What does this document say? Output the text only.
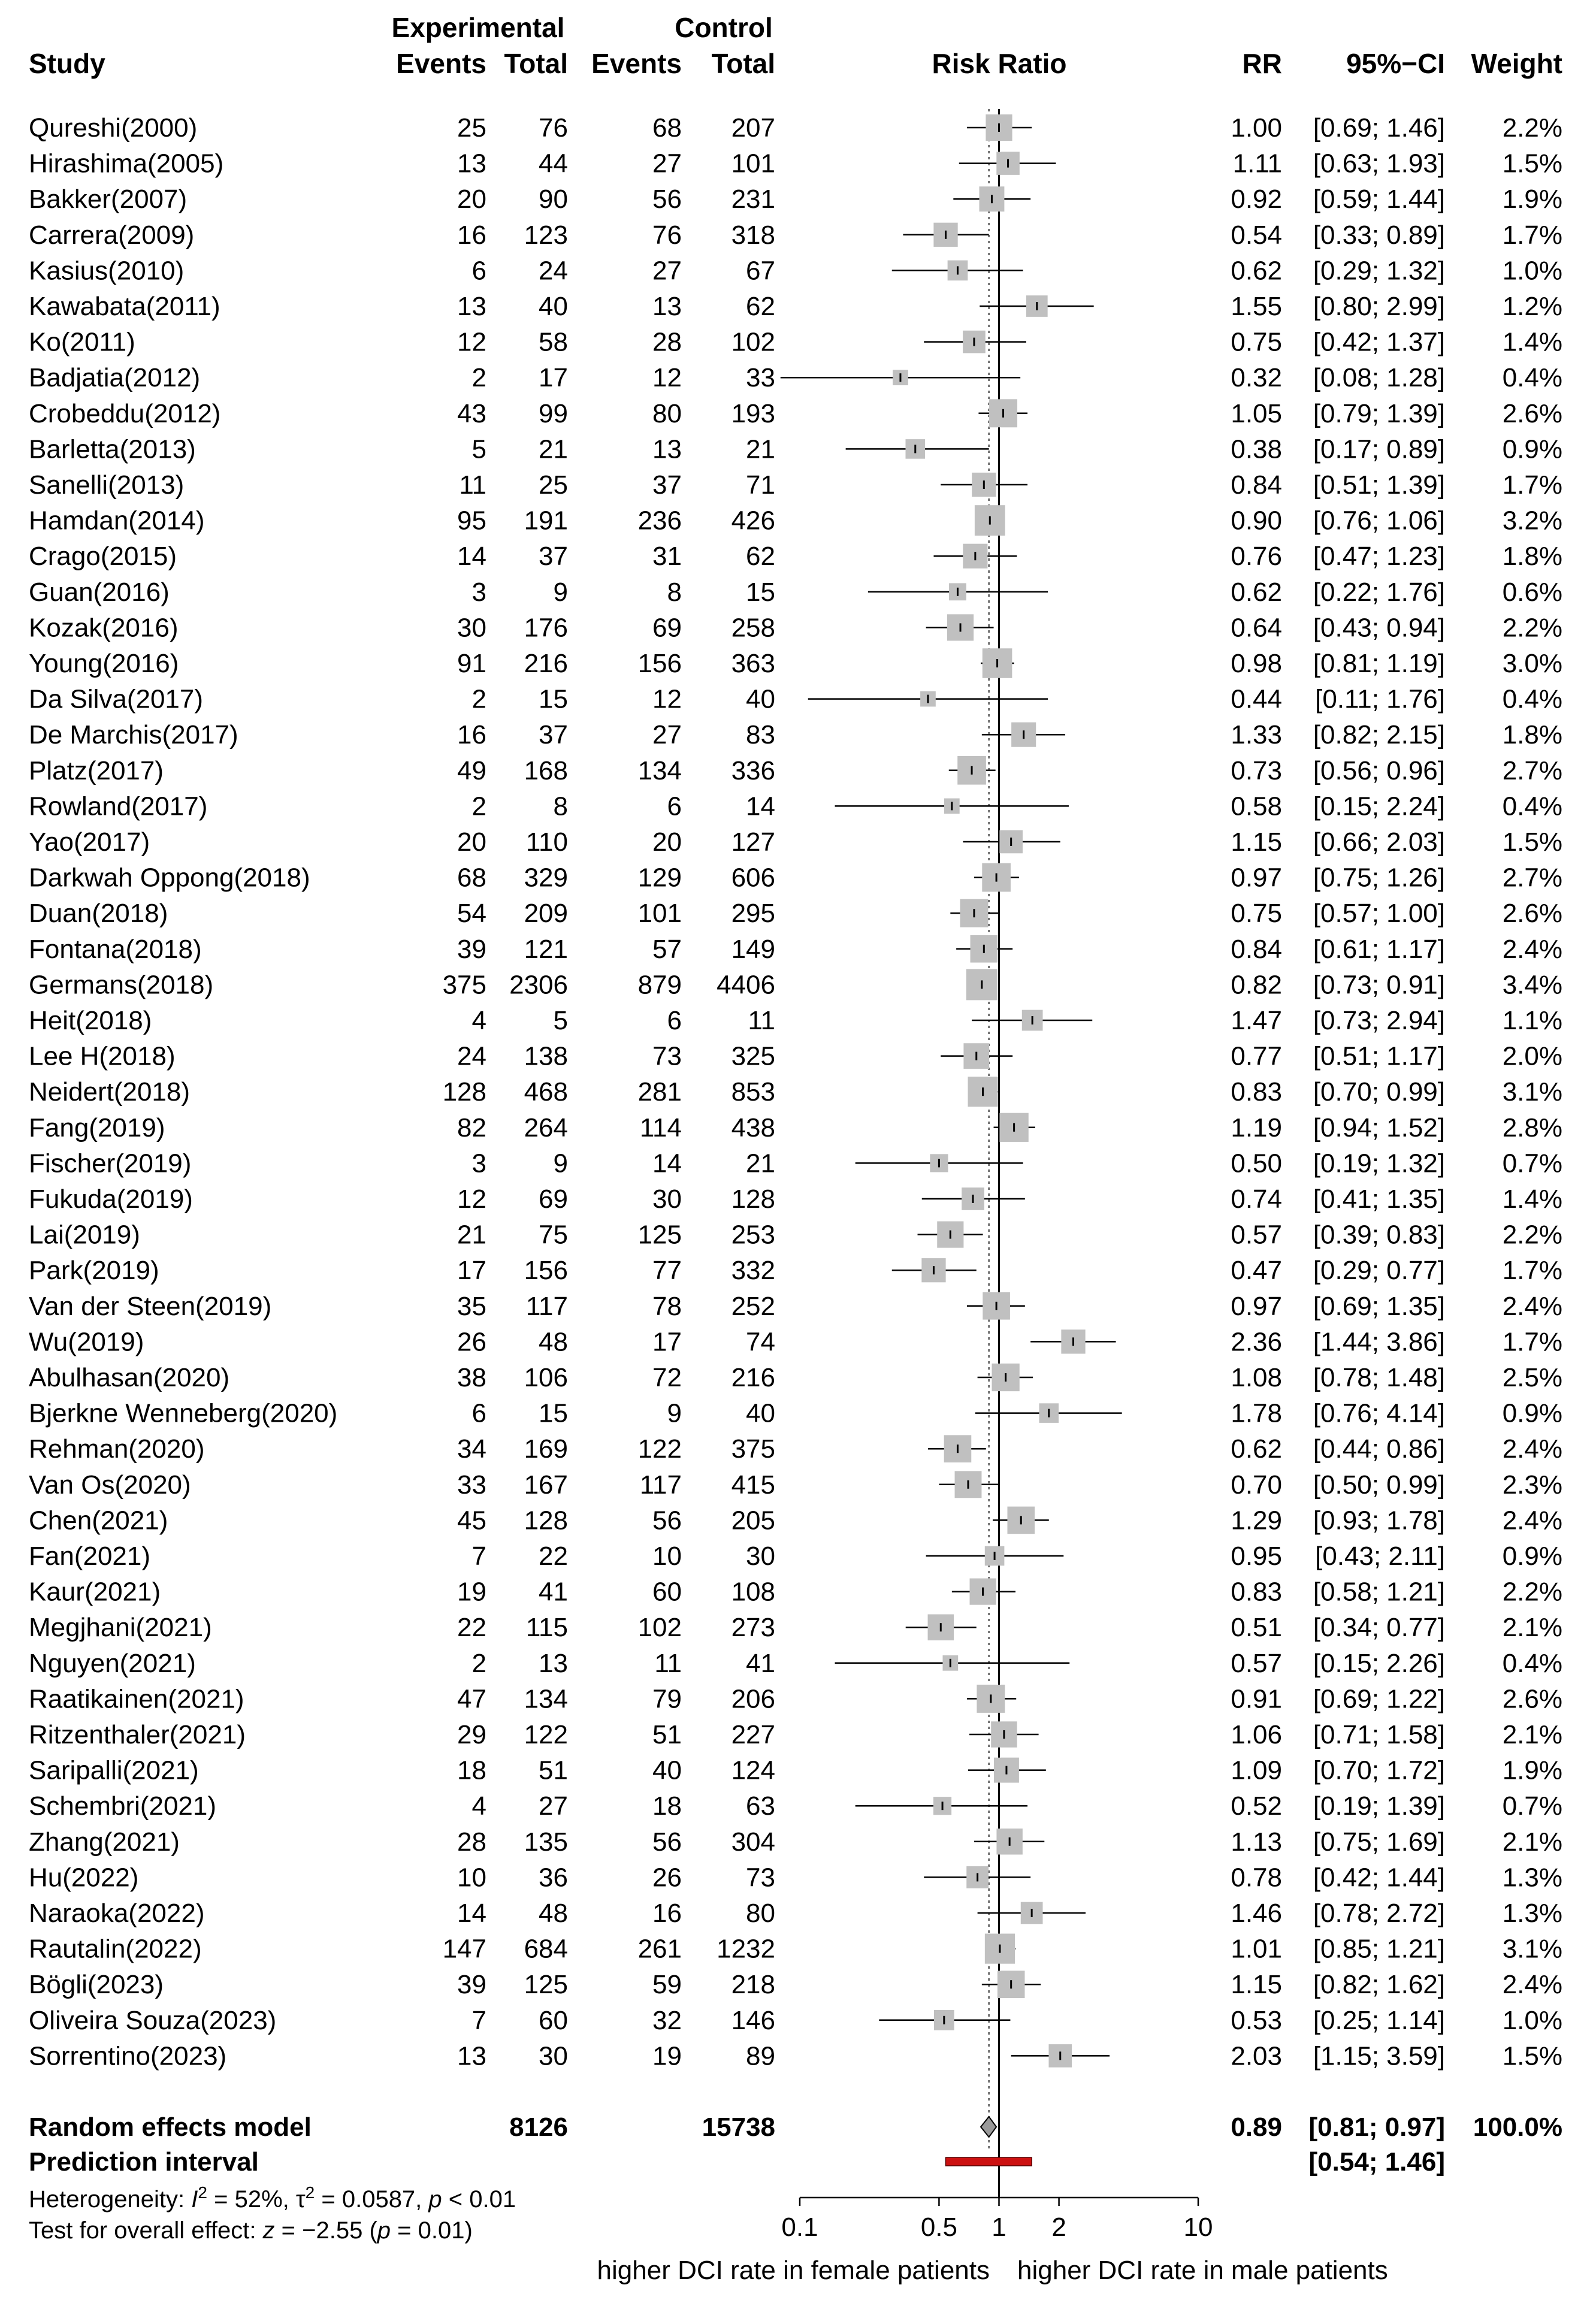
Experimental	Control
Study	Events Total Events Total	Risk Ratio	RR 95%−CI Weight
Qureshi(2000)	25 76	68 207	1.00 [0.69; 1.46] 2.2%
Hirashima(2005)	13 44	27 101	1.11 [0.63; 1.93] 1.5%
Bakker(2007)	20 90	56 231	0.92 [0.59; 1.44] 1.9%
Carrera(2009)	16 123	76 318	0.54 [0.33; 0.89] 1.7%
Kasius(2010)	6 24	27 67	0.62 [0.29; 1.32] 1.0%
Kawabata(2011)	13 40	13 62	1.55 [0.80; 2.99] 1.2%
Ko(2011)	12 58	28 102	0.75 [0.42; 1.37] 1.4%
Badjatia(2012)	2 17	12 33	0.32 [0.08; 1.28] 0.4%
Crobeddu(2012)	43 99	80 193	1.05 [0.79; 1.39] 2.6%
Barletta(2013)	5 21	13 21	0.38 [0.17; 0.89] 0.9%
Sanelli(2013)	11 25	37 71	0.84 [0.51; 1.39] 1.7%
Hamdan(2014)	95 191	236 426	0.90 [0.76; 1.06] 3.2%
Crago(2015)	14 37	31 62	0.76 [0.47; 1.23] 1.8%
Guan(2016)	3	9	8 15	0.62 [0.22; 1.76] 0.6%
Kozak(2016)	30 176	69 258	0.64 [0.43; 0.94] 2.2%
Young(2016)	91 216	156 363	0.98 [0.81; 1.19] 3.0%
Da Silva(2017)	2 15	12 40	0.44 [0.11; 1.76] 0.4%
De Marchis(2017)	16 37	27 83	1.33 [0.82; 2.15] 1.8%
Platz(2017)	49 168	134 336	0.73 [0.56; 0.96] 2.7%
Rowland(2017)	2	8	6 14	0.58 [0.15; 2.24] 0.4%
Yao(2017)	20 110	20 127	1.15 [0.66; 2.03] 1.5%
Darkwah Oppong(2018)	68 329	129 606	0.97 [0.75; 1.26] 2.7%
Duan(2018)	54 209	101 295	0.75 [0.57; 1.00] 2.6%
Fontana(2018)	39 121	57 149	0.84 [0.61; 1.17] 2.4%
Germans(2018)	375 2306	879 4406	0.82 [0.73; 0.91] 3.4%
Heit(2018)	4	5	6	11	1.47 [0.73; 2.94] 1.1%
Lee H(2018)	24 138	73 325	0.77 [0.51; 1.17] 2.0%
Neidert(2018)	128 468	281 853	0.83 [0.70; 0.99] 3.1%
Fang(2019)	82 264	114 438	1.19 [0.94; 1.52] 2.8%
Fischer(2019)	3	9	14 21	0.50 [0.19; 1.32] 0.7%
Fukuda(2019)	12 69	30 128	0.74 [0.41; 1.35] 1.4%
Lai(2019)	21 75	125 253	0.57 [0.39; 0.83] 2.2%
Park(2019)	17 156	77 332	0.47 [0.29; 0.77] 1.7%
Van der Steen(2019)	35 117	78 252	0.97 [0.69; 1.35] 2.4%
Wu(2019)	26 48	17 74	2.36 [1.44; 3.86] 1.7%
Abulhasan(2020)	38 106	72 216	1.08 [0.78; 1.48] 2.5%
Bjerkne Wenneberg(2020)	6 15	9 40	1.78 [0.76; 4.14] 0.9%
Rehman(2020)	34 169	122 375	0.62 [0.44; 0.86] 2.4%
Van Os(2020)	33 167	117 415	0.70 [0.50; 0.99] 2.3%
Chen(2021)	45 128	56 205	1.29 [0.93; 1.78] 2.4%
Fan(2021)	7 22	10 30	0.95 [0.43; 2.11] 0.9%
Kaur(2021)	19 41	60 108	0.83 [0.58; 1.21] 2.2%
Megjhani(2021)	22 115	102 273	0.51 [0.34; 0.77] 2.1%
Nguyen(2021)	2 13	11 41	0.57 [0.15; 2.26] 0.4%
Raatikainen(2021)	47 134	79 206	0.91 [0.69; 1.22] 2.6%
Ritzenthaler(2021)	29 122	51 227	1.06 [0.71; 1.58] 2.1%
Saripalli(2021)	18 51	40 124	1.09 [0.70; 1.72] 1.9%
Schembri(2021)	4 27	18 63	0.52 [0.19; 1.39] 0.7%
Zhang(2021)	28 135	56 304	1.13 [0.75; 1.69] 2.1%
Hu(2022)	10 36	26 73	0.78 [0.42; 1.44] 1.3%
Naraoka(2022)	14 48	16 80	1.46 [0.78; 2.72] 1.3%
Rautalin(2022)	147 684	261 1232	1.01 [0.85; 1.21] 3.1%
Bögli(2023)	39 125	59 218	1.15 [0.82; 1.62] 2.4%
Oliveira Souza(2023)	7 60	32 146	0.53 [0.25; 1.14] 1.0%
Sorrentino(2023)	13 30	19 89	2.03 [1.15; 3.59] 1.5%
Random effects model	8126	15738	0.89 [0.81; 0.97] 100.0%
Prediction interval	[0.54; 1.46]
Heterogeneity: $I^2 = 52\%$, $\tau^2 = 0.0587$, p < 0.01
Test for overall effect: z = −2.55 (p = 0.01)	0.1	0.5 1 2	10
higher DCI rate in female patients higher DCI rate in male patients
